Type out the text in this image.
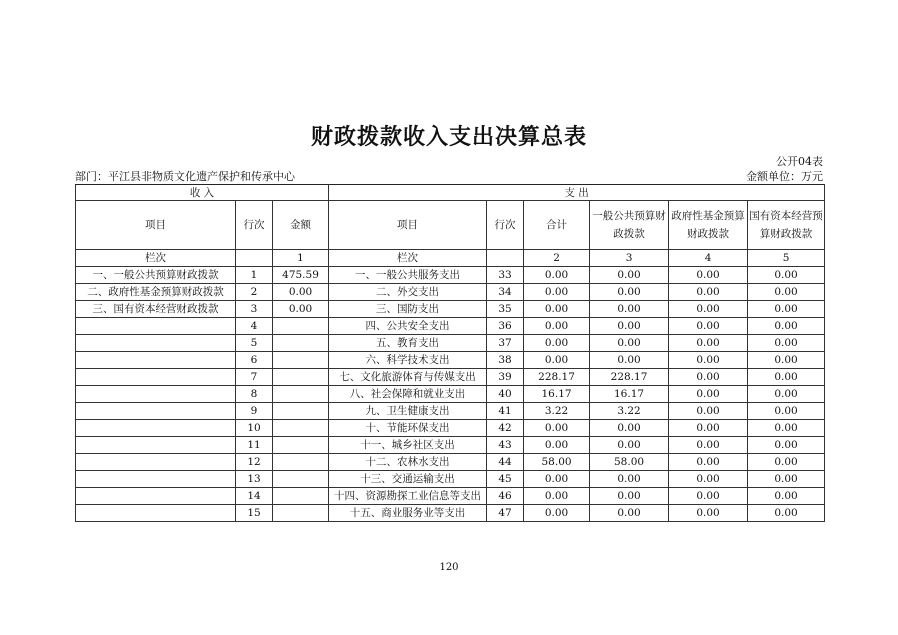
财政拨款收入支出决算总表
公开04表
部门：平江县非物质文化遗产保护和传承中心	金额单位：万元
收 入			支 出					
项目	行次	金额	项目	行次	合计	一般公共预算财政拨款	政府性基金预算财政拨款	国有资本经营预算财政拨款
栏次		1	栏次		2	3	4	5
一、一般公共预算财政拨款	1	475.59	一、一般公共服务支出	33	0.00	0.00	0.00	0.00
二、政府性基金预算财政拨款	2	0.00	二、外交支出	34	0.00	0.00	0.00	0.00
三、国有资本经营财政拨款	3	0.00	三、国防支出	35	0.00	0.00	0.00	0.00
	4		四、公共安全支出	36	0.00	0.00	0.00	0.00
	5		五、教育支出	37	0.00	0.00	0.00	0.00
	6		六、科学技术支出	38	0.00	0.00	0.00	0.00
	7		七、文化旅游体育与传媒支出	39	228.17	228.17	0.00	0.00
	8		八、社会保障和就业支出	40	16.17	16.17	0.00	0.00
	9		九、卫生健康支出	41	3.22	3.22	0.00	0.00
	10		十、节能环保支出	42	0.00	0.00	0.00	0.00
	11		十一、城乡社区支出	43	0.00	0.00	0.00	0.00
	12		十二、农林水支出	44	58.00	58.00	0.00	0.00
	13		十三、交通运输支出	45	0.00	0.00	0.00	0.00
	14		十四、资源勘探工业信息等支出	46	0.00	0.00	0.00	0.00
	15		十五、商业服务业等支出	47	0.00	0.00	0.00	0.00
120
